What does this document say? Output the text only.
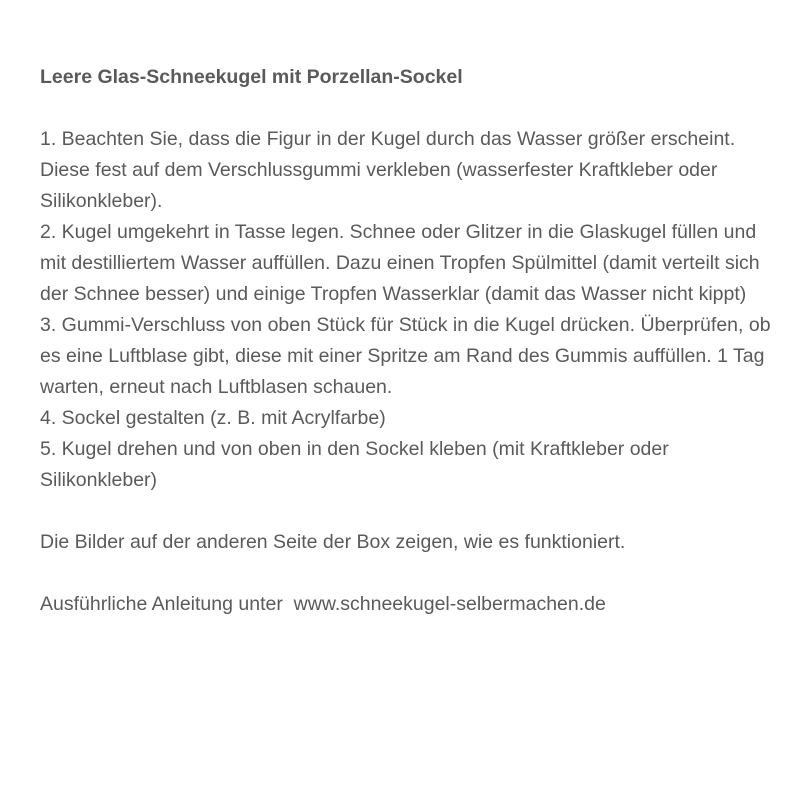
Leere Glas-Schneekugel mit Porzellan-Sockel

1. Beachten Sie, dass die Figur in der Kugel durch das Wasser größer erscheint. Diese fest auf dem Verschlussgummi verkleben (wasserfester Kraftkleber oder Silikonkleber).

2. Kugel umgekehrt in Tasse legen. Schnee oder Glitzer in die Glaskugel füllen und mit destilliertem Wasser auffüllen. Dazu einen Tropfen Spülmittel (damit verteilt sich der Schnee besser) und einige Tropfen Wasserklar (damit das Wasser nicht kippt)

3. Gummi-Verschluss von oben Stück für Stück in die Kugel drücken. Überprüfen, ob es eine Luftblase gibt, diese mit einer Spritze am Rand des Gummis auffüllen. 1 Tag warten, erneut nach Luftblasen schauen.

4. Sockel gestalten (z. B. mit Acrylfarbe)

5. Kugel drehen und von oben in den Sockel kleben (mit Kraftkleber oder Silikonkleber)

Die Bilder auf der anderen Seite der Box zeigen, wie es funktioniert.

Ausführliche Anleitung unter www.schneekugel-selbermachen.de
